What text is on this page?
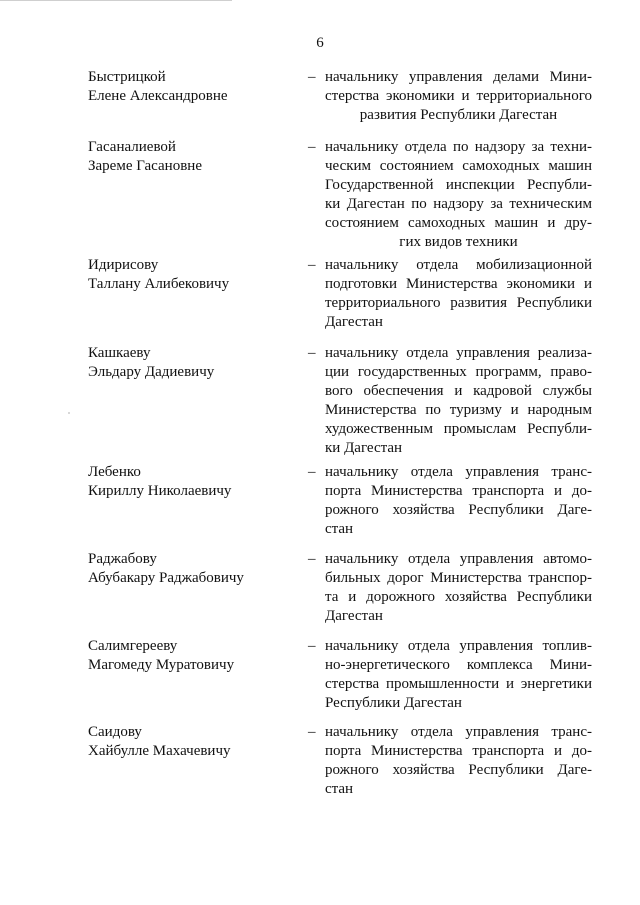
6
Быстрицкой
Елене Александровне
– начальнику управления делами Мини-
стерства экономики и территориального
развития Республики Дагестан
Гасаналиевой
Зареме Гасановне
– начальнику отдела по надзору за техни-
ческим состоянием самоходных машин
Государственной инспекции Республи-
ки Дагестан по надзору за техническим
состоянием самоходных машин и дру-
гих видов техники
Идирисову
Таллану Алибековичу
– начальнику отдела мобилизационной
подготовки Министерства экономики и
территориального развития Республики
Дагестан
Кашкаеву
Эльдару Дадиевичу
– начальнику отдела управления реализа-
ции государственных программ, право-
вого обеспечения и кадровой службы
Министерства по туризму и народным
художественным промыслам Республи-
ки Дагестан
Лебенко
Кириллу Николаевичу
– начальнику отдела управления транс-
порта Министерства транспорта и до-
рожного хозяйства Республики Даге-
стан
Раджабову
Абубакару Раджабовичу
– начальнику отдела управления автомо-
бильных дорог Министерства транспор-
та и дорожного хозяйства Республики
Дагестан
Салимгерееву
Магомеду Муратовичу
– начальнику отдела управления топлив-
но-энергетического комплекса Мини-
стерства промышленности и энергетики
Республики Дагестан
Саидову
Хайбулле Махачевичу
– начальнику отдела управления транс-
порта Министерства транспорта и до-
рожного хозяйства Республики Даге-
стан
